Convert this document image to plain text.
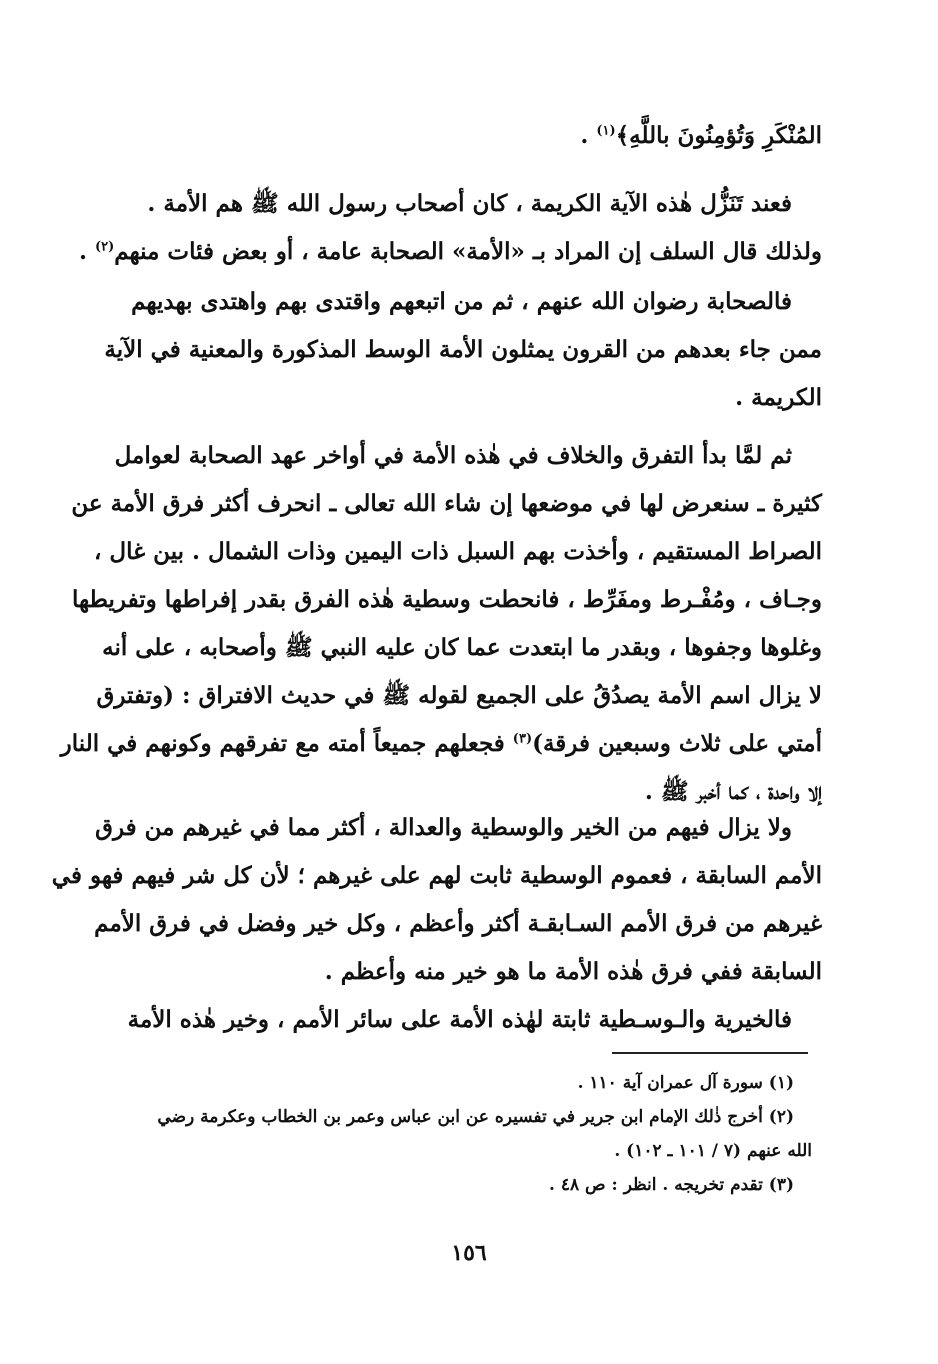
المُنْكَرِ وَتُؤمِنُونَ باللَّهِ﴾$^{(١)}$ .
فعند تَنَزُّل هٰذه الآية الكريمة ، كان أصحاب رسول الله ﷺ هم الأمة .
ولذلك قال السلف إن المراد بـ «الأمة» الصحابة عامة ، أو بعض فئات منهم$^{(٢)}$ .
فالصحابة رضوان الله عنهم ، ثم من اتبعهم واقتدى بهم واهتدى بهديهم
ممن جاء بعدهم من القرون يمثلون الأمة الوسط المذكورة والمعنية في الآية
الكريمة .
ثم لمَّا بدأ التفرق والخلاف في هٰذه الأمة في أواخر عهد الصحابة لعوامل
كثيرة ـ سنعرض لها في موضعها إن شاء الله تعالى ـ انحرف أكثر فرق الأمة عن
الصراط المستقيم ، وأخذت بهم السبل ذات اليمين وذات الشمال . بين غال ،
وجـاف ، ومُفْـرط ومفَرِّط ، فانحطت وسطية هٰذه الفرق بقدر إفراطها وتفريطها
وغلوها وجفوها ، وبقدر ما ابتعدت عما كان عليه النبي ﷺ وأصحابه ، على أنه
لا يزال اسم الأمة يصدُقُ على الجميع لقوله ﷺ في حديث الافتراق : (وتفترق
أمتي على ثلاث وسبعين فرقة)$^{(٣)}$ فجعلهم جميعاً أمته مع تفرقهم وكونهم في النار
إلا واحدة ، كما أخبر ﷺ .
ولا يزال فيهم من الخير والوسطية والعدالة ، أكثر مما في غيرهم من فرق
الأمم السابقة ، فعموم الوسطية ثابت لهم على غيرهم ؛ لأن كل شر فيهم فهو في
غيرهم من فرق الأمم السـابقـة أكثر وأعظم ، وكل خير وفضل في فرق الأمم
السابقة ففي فرق هٰذه الأمة ما هو خير منه وأعظم .
فالخيرية والـوسـطية ثابتة لهٰذه الأمة على سائر الأمم ، وخير هٰذه الأمة
(١) سورة آل عمران آية ١١٠ .
(٢) أخرج ذٰلك الإمام ابن جرير في تفسيره عن ابن عباس وعمر بن الخطاب وعكرمة رضي
الله عنهم (٧ / ١٠١ ـ ١٠٢) .
(٣) تقدم تخريجه . انظر : ص ٤٨ .
١٥٦
